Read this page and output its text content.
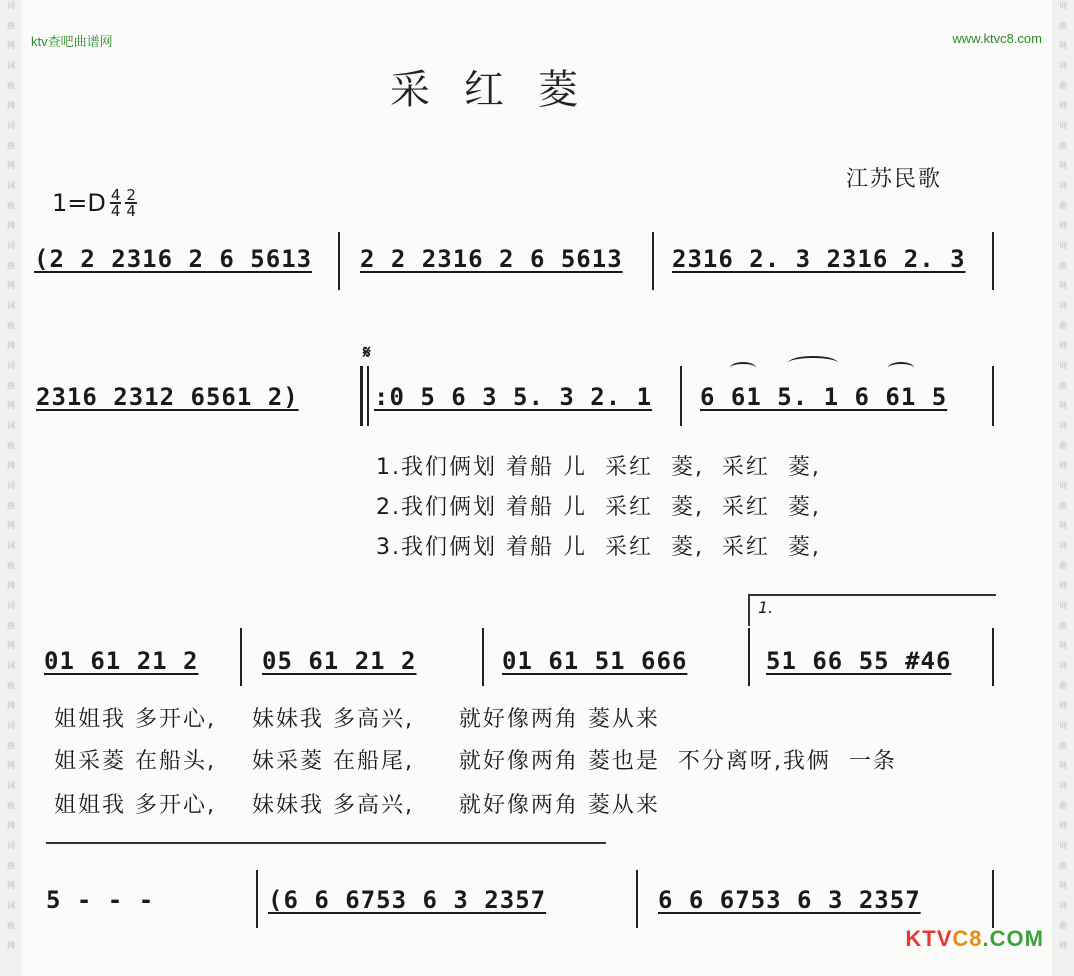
词
曲
网
词
曲
网
词
曲
网
词
曲
网
词
曲
网
词
曲
网
词
曲
网
词
曲
网
词
曲
网
词
曲
网
词
曲
网
词
曲
网
词
曲
网
词
曲
网
词
曲
网
词
曲
网
词
曲
网
词
曲
网
词
曲
网
词
曲
网
词
曲
网
词
曲
网
词
曲
网
词
曲
网
词
曲
网
词
曲
网
词
曲
网
词
曲
网
词
曲
网
词
曲
网
词
曲
网
词
曲
网
ktv查吧曲谱网	www.ktvc8.com
采红菱
江苏民歌
$1=D \frac{4}{4} \frac{2}{4}$
(2 2 2316 2 6 5613 2 2 2316 2 6 5613 2316 2. 3 2316 2. 3
2316 2312 6561 2)
𝄋
:0 5 6 3 5. 3 2. 1 6 61 5. 1 6 61 5
1.我们俩划 着船 儿  采红  菱,  采红  菱,
2.我们俩划 着船 儿  采红  菱,  采红  菱,
3.我们俩划 着船 儿  采红  菱,  采红  菱,
1.
01 61 21 2	05 61 21 2	01 61 51 666	51 66 55 #46
姐姐我 多开心,    妹妹我 多高兴,     就好像两角 菱从来
姐采菱 在船头,    妹采菱 在船尾,     就好像两角 菱也是  不分离呀,我俩  一条
姐姐我 多开心,    妹妹我 多高兴,     就好像两角 菱从来
5 - - -	(6 6 6753 6 3 2357	6 6 6753 6 3 2357
KTVC8.COM
